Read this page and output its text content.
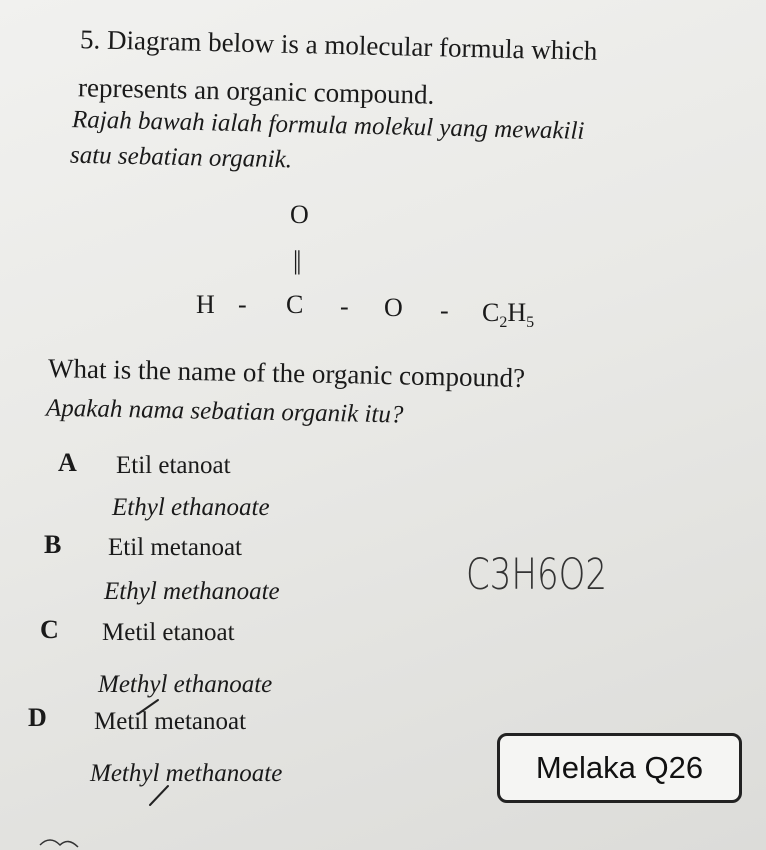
5. Diagram below is a molecular formula which
represents an organic compound.
Rajah bawah ialah formula molekul yang mewakili
satu sebatian organik.
O
||
H - C - O - $C_2H_5$
What is the name of the organic compound?
Apakah nama sebatian organik itu?
A Etil etanoat
Ethyl ethanoate
B Etil metanoat
Ethyl methanoate
C Metil etanoat
Methyl ethanoate
D Metil metanoat
Methyl methanoate
C3H6O2
Melaka Q26
